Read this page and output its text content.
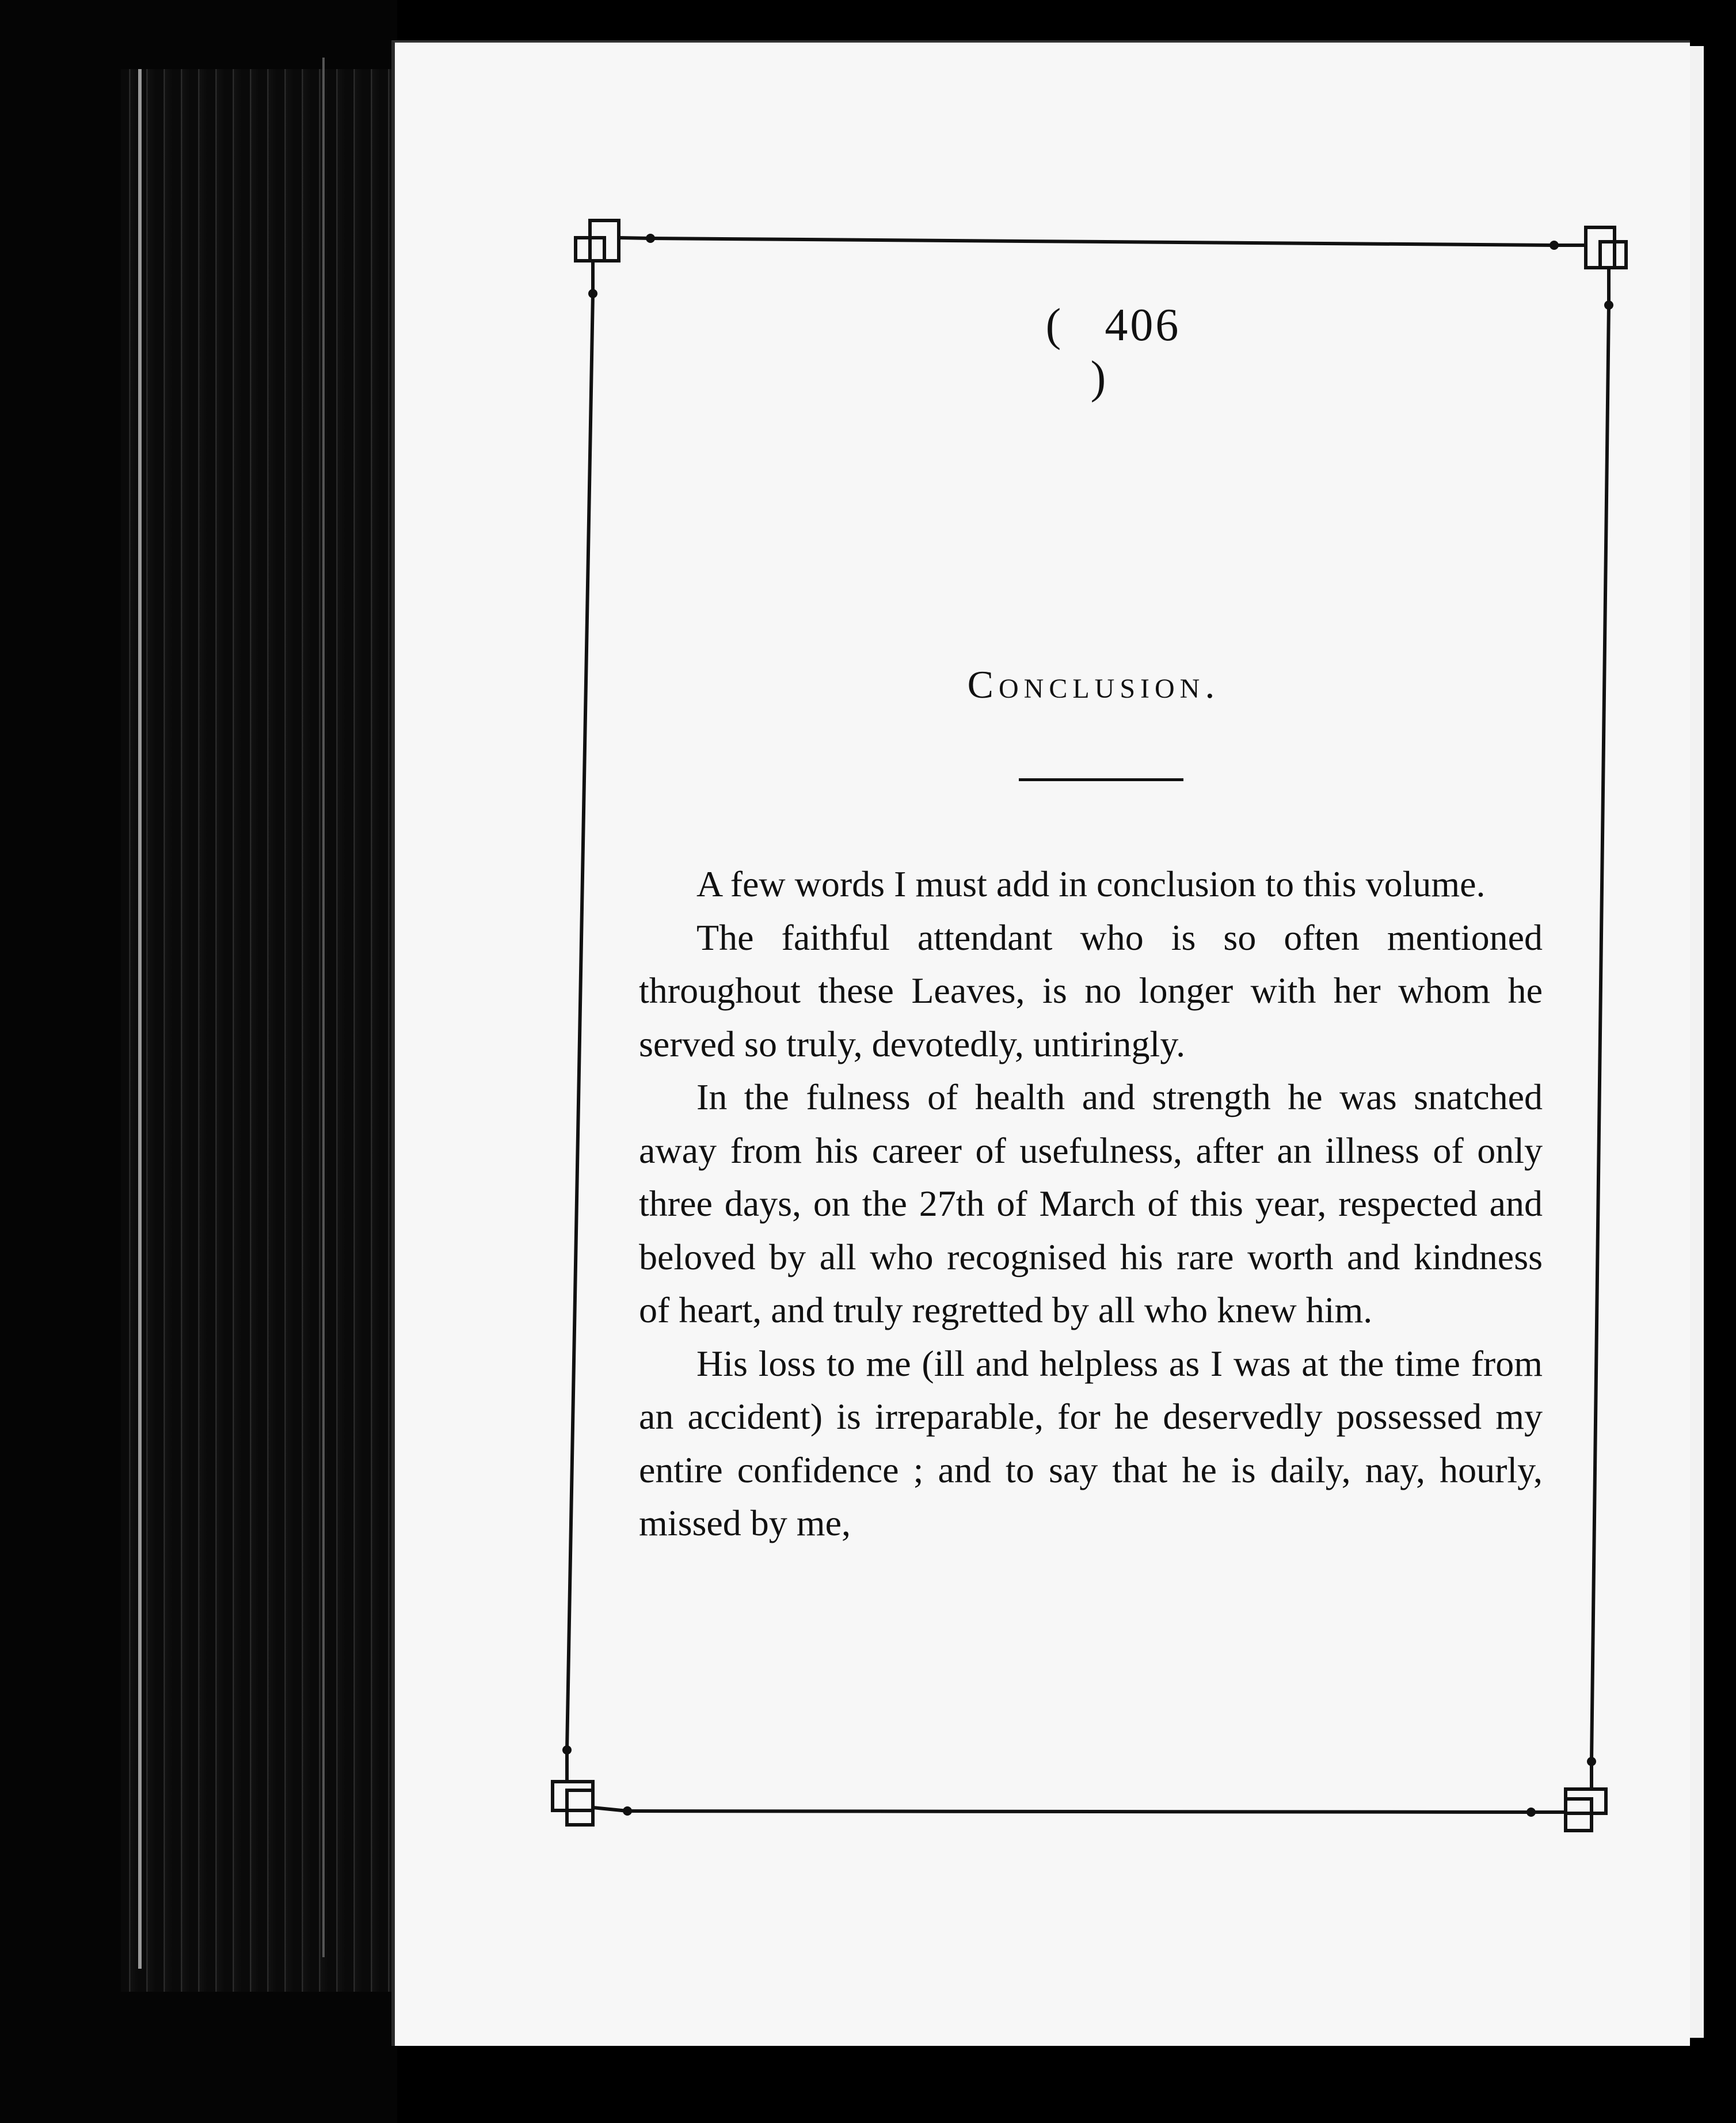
( 406 )
Conclusion.

A few words I must add in conclusion to this volume.

The faithful attendant who is so often mentioned throughout these Leaves, is no longer with her whom he served so truly, devotedly, untiringly.

In the fulness of health and strength he was snatched away from his career of usefulness, after an illness of only three days, on the 27th of March of this year, respected and beloved by all who recognised his rare worth and kindness of heart, and truly regretted by all who knew him.

His loss to me (ill and helpless as I was at the time from an accident) is irreparable, for he deservedly possessed my entire confidence ; and to say that he is daily, nay, hourly, missed by me,
